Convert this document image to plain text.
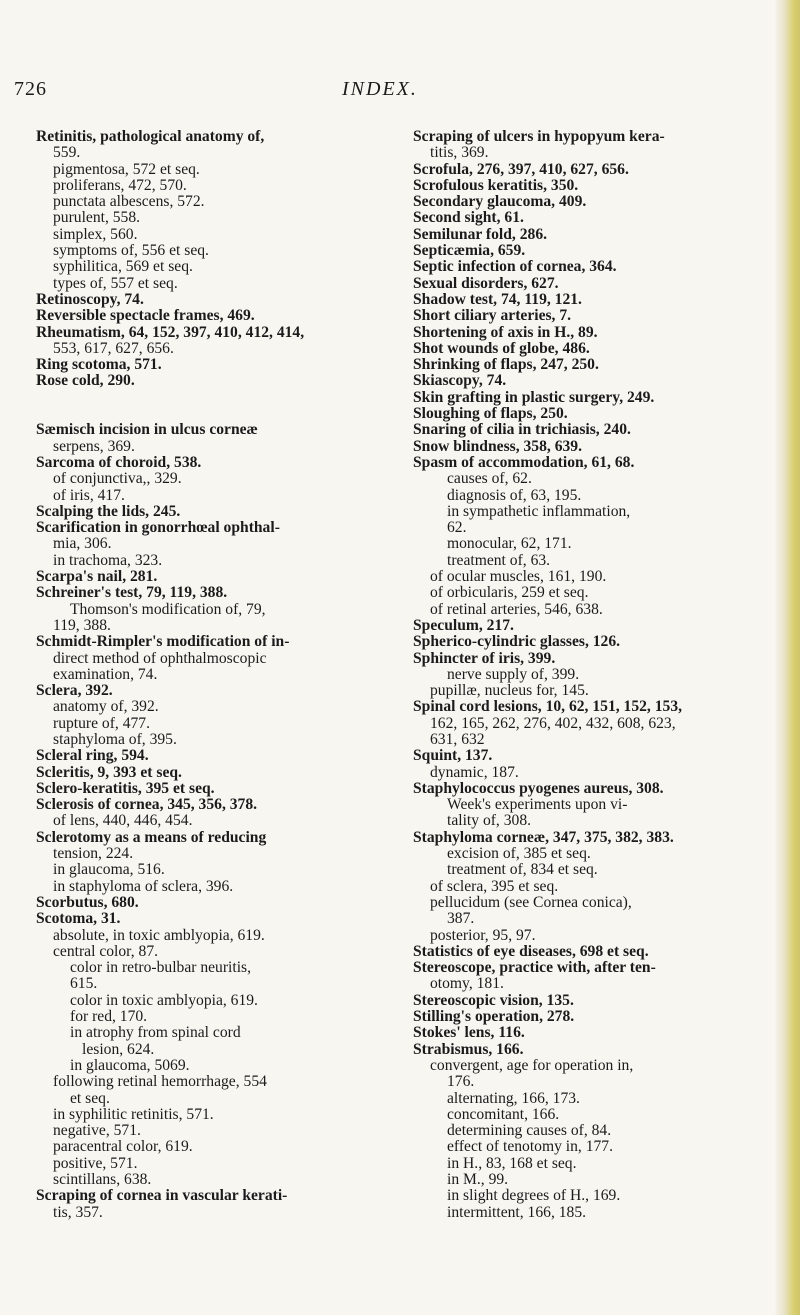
726	INDEX.
Retinitis, pathological anatomy of,
559.
pigmentosa, 572 et seq.
proliferans, 472, 570.
punctata albescens, 572.
purulent, 558.
simplex, 560.
symptoms of, 556 et seq.
syphilitica, 569 et seq.
types of, 557 et seq.
Retinoscopy, 74.
Reversible spectacle frames, 469.
Rheumatism, 64, 152, 397, 410, 412, 414,
553, 617, 627, 656.
Ring scotoma, 571.
Rose cold, 290.
Sæmisch incision in ulcus corneæ
serpens, 369.
Sarcoma of choroid, 538.
of conjunctiva,, 329.
of iris, 417.
Scalping the lids, 245.
Scarification in gonorrhœal ophthal-
mia, 306.
in trachoma, 323.
Scarpa's nail, 281.
Schreiner's test, 79, 119, 388.
Thomson's modification of, 79,
119, 388.
Schmidt-Rimpler's modification of in-
direct method of ophthalmoscopic
examination, 74.
Sclera, 392.
anatomy of, 392.
rupture of, 477.
staphyloma of, 395.
Scleral ring, 594.
Scleritis, 9, 393 et seq.
Sclero-keratitis, 395 et seq.
Sclerosis of cornea, 345, 356, 378.
of lens, 440, 446, 454.
Sclerotomy as a means of reducing
tension, 224.
in glaucoma, 516.
in staphyloma of sclera, 396.
Scorbutus, 680.
Scotoma, 31.
absolute, in toxic amblyopia, 619.
central color, 87.
color in retro-bulbar neuritis,
615.
color in toxic amblyopia, 619.
for red, 170.
in atrophy from spinal cord
lesion, 624.
in glaucoma, 5069.
following retinal hemorrhage, 554
et seq.
in syphilitic retinitis, 571.
negative, 571.
paracentral color, 619.
positive, 571.
scintillans, 638.
Scraping of cornea in vascular kerati-
tis, 357.
Scraping of ulcers in hypopyum kera-
titis, 369.
Scrofula, 276, 397, 410, 627, 656.
Scrofulous keratitis, 350.
Secondary glaucoma, 409.
Second sight, 61.
Semilunar fold, 286.
Septicæmia, 659.
Septic infection of cornea, 364.
Sexual disorders, 627.
Shadow test, 74, 119, 121.
Short ciliary arteries, 7.
Shortening of axis in H., 89.
Shot wounds of globe, 486.
Shrinking of flaps, 247, 250.
Skiascopy, 74.
Skin grafting in plastic surgery, 249.
Sloughing of flaps, 250.
Snaring of cilia in trichiasis, 240.
Snow blindness, 358, 639.
Spasm of accommodation, 61, 68.
causes of, 62.
diagnosis of, 63, 195.
in sympathetic inflammation,
62.
monocular, 62, 171.
treatment of, 63.
of ocular muscles, 161, 190.
of orbicularis, 259 et seq.
of retinal arteries, 546, 638.
Speculum, 217.
Spherico-cylindric glasses, 126.
Sphincter of iris, 399.
nerve supply of, 399.
pupillæ, nucleus for, 145.
Spinal cord lesions, 10, 62, 151, 152, 153,
162, 165, 262, 276, 402, 432, 608, 623,
631, 632
Squint, 137.
dynamic, 187.
Staphylococcus pyogenes aureus, 308.
Week's experiments upon vi-
tality of, 308.
Staphyloma corneæ, 347, 375, 382, 383.
excision of, 385 et seq.
treatment of, 834 et seq.
of sclera, 395 et seq.
pellucidum (see Cornea conica),
387.
posterior, 95, 97.
Statistics of eye diseases, 698 et seq.
Stereoscope, practice with, after ten-
otomy, 181.
Stereoscopic vision, 135.
Stilling's operation, 278.
Stokes' lens, 116.
Strabismus, 166.
convergent, age for operation in,
176.
alternating, 166, 173.
concomitant, 166.
determining causes of, 84.
effect of tenotomy in, 177.
in H., 83, 168 et seq.
in M., 99.
in slight degrees of H., 169.
intermittent, 166, 185.
